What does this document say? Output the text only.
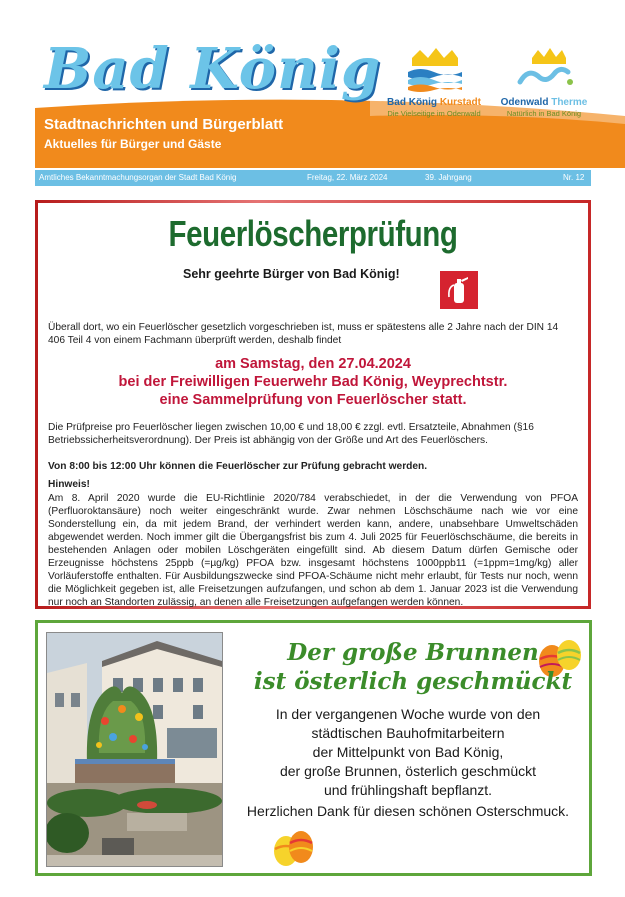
Bad König
Stadtnachrichten und Bürgerblatt
Aktuelles für Bürger und Gäste
Bad König Kurstadt
Die Vielseitige im Odenwald
Odenwald Therme
Natürlich in Bad König
Amtliches Bekanntmachungsorgan der Stadt Bad König	Freitag, 22. März 2024	39. Jahrgang	Nr. 12
Feuerlöscherprüfung
Sehr geehrte Bürger von Bad König!
Überall dort, wo ein Feuerlöscher gesetzlich vorgeschrieben ist, muss er spätestens alle 2 Jahre nach der DIN 14 406 Teil 4 von einem Fachmann überprüft werden, deshalb findet
am Samstag, den 27.04.2024
bei der Freiwilligen Feuerwehr Bad König, Weyprechtstr.
eine Sammelprüfung von Feuerlöscher statt.
Die Prüfpreise pro Feuerlöscher liegen zwischen 10,00 € und 18,00 € zzgl. evtl. Ersatzteile, Abnahmen (§16 Betriebssicherheitsverordnung). Der Preis ist abhängig von der Größe und Art des Feuerlöschers.
Von 8:00 bis 12:00 Uhr können die Feuerlöscher zur Prüfung gebracht werden.
Hinweis!
Am 8. April 2020 wurde die EU-Richtlinie 2020/784 verabschiedet, in der die Verwendung von PFOA (Perfluoroktansäure) noch weiter eingeschränkt wurde. Zwar nehmen Löschschäume nach wie vor eine Sonderstellung ein, da mit jedem Brand, der verhindert werden kann, andere, unabsehbare Umweltschäden abgewendet werden. Noch immer gilt die Übergangsfrist bis zum 4. Juli 2025 für Feuerlöschschäume, die bereits in bestehenden Anlagen oder mobilen Löschgeräten eingefüllt sind. Ab diesem Datum dürfen Gemische oder Erzeugnisse höchstens 25ppb (=µg/kg) PFOA bzw. insgesamt höchstens 1000ppb11 (=1ppm=1mg/kg) aller Vorläuferstoffe enthalten. Für Ausbildungszwecke sind PFOA-Schäume nicht mehr erlaubt, für Tests nur noch, wenn die Möglichkeit gegeben ist, alle Freisetzungen aufzufangen, und schon ab dem 1. Januar 2023 ist die Verwendung nur noch an Standorten zulässig, an denen alle Freisetzungen aufgefangen werden können.
Der große Brunnen
ist österlich geschmückt
In der vergangenen Woche wurde von den
städtischen Bauhofmitarbeitern
der Mittelpunkt von Bad König,
der große Brunnen, österlich geschmückt
und frühlingshaft bepflanzt.
Herzlichen Dank für diesen schönen Osterschmuck.
